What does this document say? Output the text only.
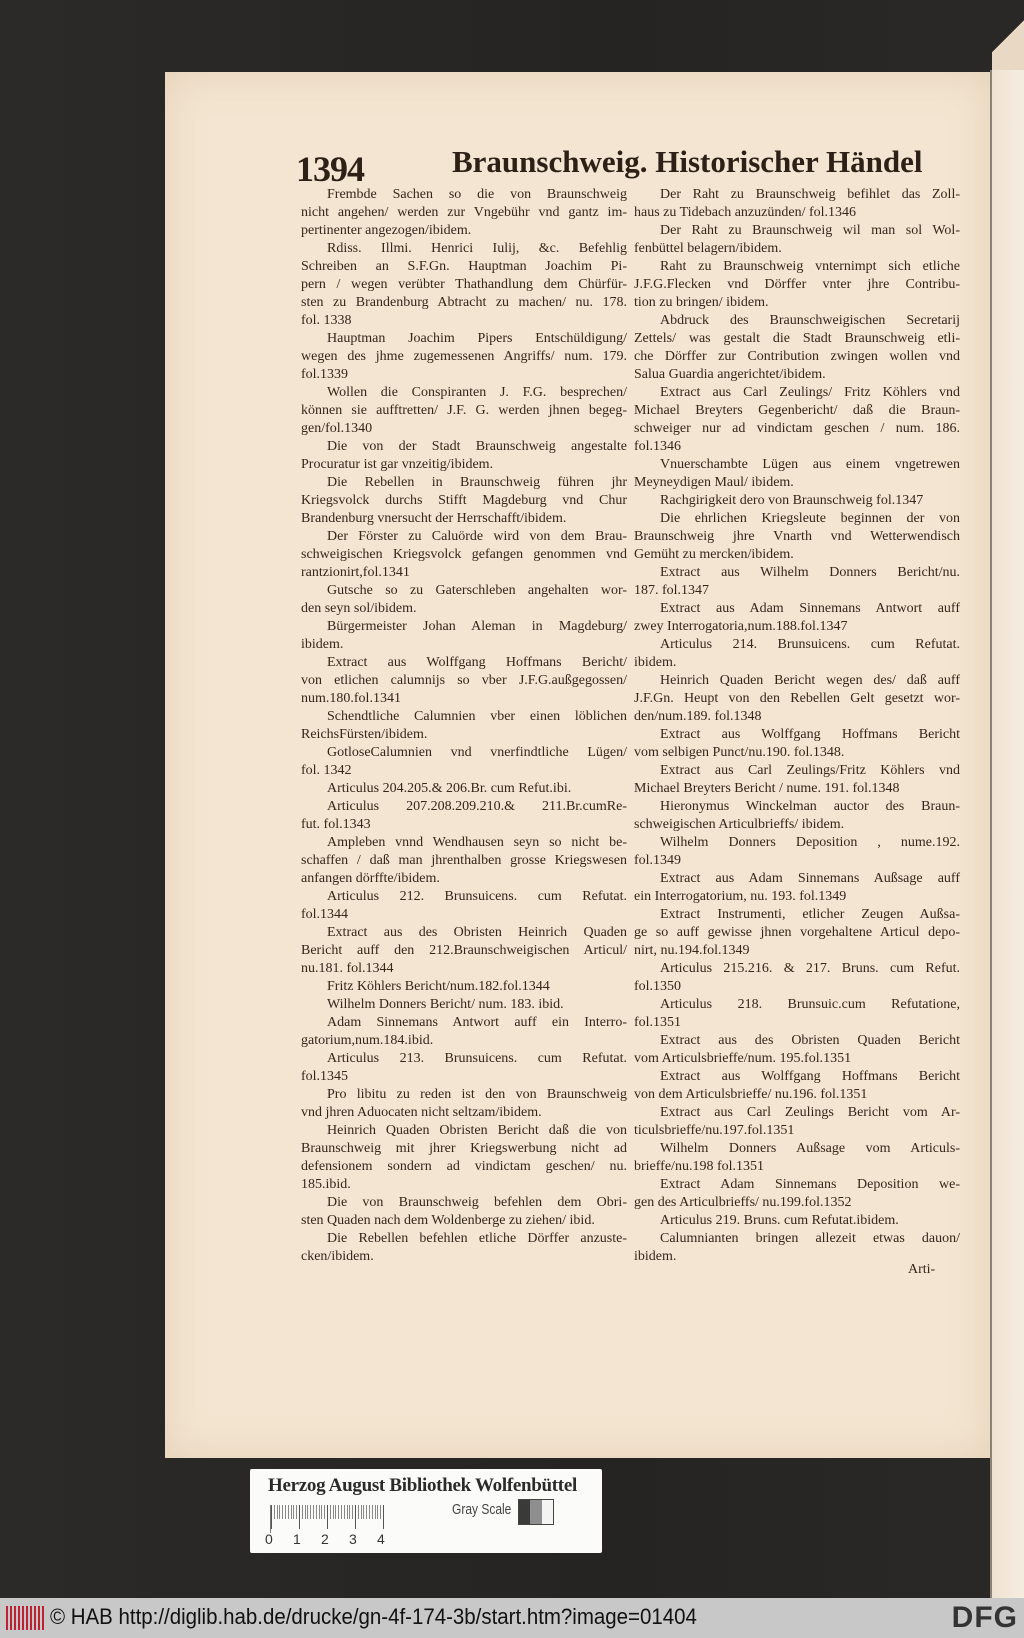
1394	Braunschweig. Historischer Händel
Frembde Sachen so die von Braunschweig
nicht angehen/ werden zur Vngebühr vnd gantz im-
pertinenter angezogen/ibidem.
Rdiss. Illmi. Henrici Iulij, &c. Befehlig
Schreiben an S.F.Gn. Hauptman Joachim Pi-
pern / wegen verübter Thathandlung dem Chürfür-
sten zu Brandenburg Abtracht zu machen/ nu. 178.
fol. 1338
Hauptman Joachim Pipers Entschüldigung/
wegen des jhme zugemessenen Angriffs/ num. 179.
fol.1339
Wollen die Conspiranten J. F.G. besprechen/
können sie aufftretten/ J.F. G. werden jhnen begeg-
gen/fol.1340
Die von der Stadt Braunschweig angestalte
Procuratur ist gar vnzeitig/ibidem.
Die Rebellen in Braunschweig führen jhr
Kriegsvolck durchs Stifft Magdeburg vnd Chur
Brandenburg vnersucht der Herrschafft/ibidem.
Der Förster zu Caluörde wird von dem Brau-
schweigischen Kriegsvolck gefangen genommen vnd
rantzionirt,fol.1341
Gutsche so zu Gaterschleben angehalten wor-
den seyn sol/ibidem.
Bürgermeister Johan Aleman in Magdeburg/
ibidem.
Extract aus Wolffgang Hoffmans Bericht/
von etlichen calumnijs so vber J.F.G.außgegossen/
num.180.fol.1341
Schendtliche Calumnien vber einen löblichen
ReichsFürsten/ibidem.
GotloseCalumnien vnd vnerfindtliche Lügen/
fol. 1342
Articulus 204.205.& 206.Br. cum Refut.ibi.
Articulus 207.208.209.210.& 211.Br.cumRe-
fut. fol.1343
Ampleben vnnd Wendhausen seyn so nicht be-
schaffen / daß man jhrenthalben grosse Kriegswesen
anfangen dörffte/ibidem.
Articulus 212. Brunsuicens. cum Refutat.
fol.1344
Extract aus des Obristen Heinrich Quaden
Bericht auff den 212.Braunschweigischen Articul/
nu.181. fol.1344
Fritz Köhlers Bericht/num.182.fol.1344
Wilhelm Donners Bericht/ num. 183. ibid.
Adam Sinnemans Antwort auff ein Interro-
gatorium,num.184.ibid.
Articulus 213. Brunsuicens. cum Refutat.
fol.1345
Pro libitu zu reden ist den von Braunschweig
vnd jhren Aduocaten nicht seltzam/ibidem.
Heinrich Quaden Obristen Bericht daß die von
Braunschweig mit jhrer Kriegswerbung nicht ad
defensionem sondern ad vindictam geschen/ nu.
185.ibid.
Die von Braunschweig befehlen dem Obri-
sten Quaden nach dem Woldenberge zu ziehen/ ibid.
Die Rebellen befehlen etliche Dörffer anzuste-
cken/ibidem.
Der Raht zu Braunschweig befihlet das Zoll-
haus zu Tidebach anzuzünden/ fol.1346
Der Raht zu Braunschweig wil man sol Wol-
fenbüttel belagern/ibidem.
Raht zu Braunschweig vnternimpt sich etliche
J.F.G.Flecken vnd Dörffer vnter jhre Contribu-
tion zu bringen/ ibidem.
Abdruck des Braunschweigischen Secretarij
Zettels/ was gestalt die Stadt Braunschweig etli-
che Dörffer zur Contribution zwingen wollen vnd
Salua Guardia angerichtet/ibidem.
Extract aus Carl Zeulings/ Fritz Köhlers vnd
Michael Breyters Gegenbericht/ daß die Braun-
schweiger nur ad vindictam geschen / num. 186.
fol.1346
Vnuerschambte Lügen aus einem vngetrewen
Meyneydigen Maul/ ibidem.
Rachgirigkeit dero von Braunschweig fol.1347
Die ehrlichen Kriegsleute beginnen der von
Braunschweig jhre Vnarth vnd Wetterwendisch
Gemüht zu mercken/ibidem.
Extract aus Wilhelm Donners Bericht/nu.
187. fol.1347
Extract aus Adam Sinnemans Antwort auff
zwey Interrogatoria,num.188.fol.1347
Articulus 214. Brunsuicens. cum Refutat.
ibidem.
Heinrich Quaden Bericht wegen des/ daß auff
J.F.Gn. Heupt von den Rebellen Gelt gesetzt wor-
den/num.189. fol.1348
Extract aus Wolffgang Hoffmans Bericht
vom selbigen Punct/nu.190. fol.1348.
Extract aus Carl Zeulings/Fritz Köhlers vnd
Michael Breyters Bericht / nume. 191. fol.1348
Hieronymus Winckelman auctor des Braun-
schweigischen Articulbrieffs/ ibidem.
Wilhelm Donners Deposition , nume.192.
fol.1349
Extract aus Adam Sinnemans Außsage auff
ein Interrogatorium, nu. 193. fol.1349
Extract Instrumenti, etlicher Zeugen Außsa-
ge so auff gewisse jhnen vorgehaltene Articul depo-
nirt, nu.194.fol.1349
Articulus 215.216. & 217. Bruns. cum Refut.
fol.1350
Articulus 218. Brunsuic.cum Refutatione,
fol.1351
Extract aus des Obristen Quaden Bericht
vom Articulsbrieffe/num. 195.fol.1351
Extract aus Wolffgang Hoffmans Bericht
von dem Articulsbrieffe/ nu.196. fol.1351
Extract aus Carl Zeulings Bericht vom Ar-
ticulsbrieffe/nu.197.fol.1351
Wilhelm Donners Außsage vom Articuls-
brieffe/nu.198 fol.1351
Extract Adam Sinnemans Deposition we-
gen des Articulbrieffs/ nu.199.fol.1352
Articulus 219. Bruns. cum Refutat.ibidem.
Calumnianten bringen allezeit etwas dauon/
ibidem.
Arti-
Herzog August Bibliothek Wolfenbüttel
0 1 2 3 4
Gray Scale
© HAB http://diglib.hab.de/drucke/gn-4f-174-3b/start.htm?image=01404	DFG
